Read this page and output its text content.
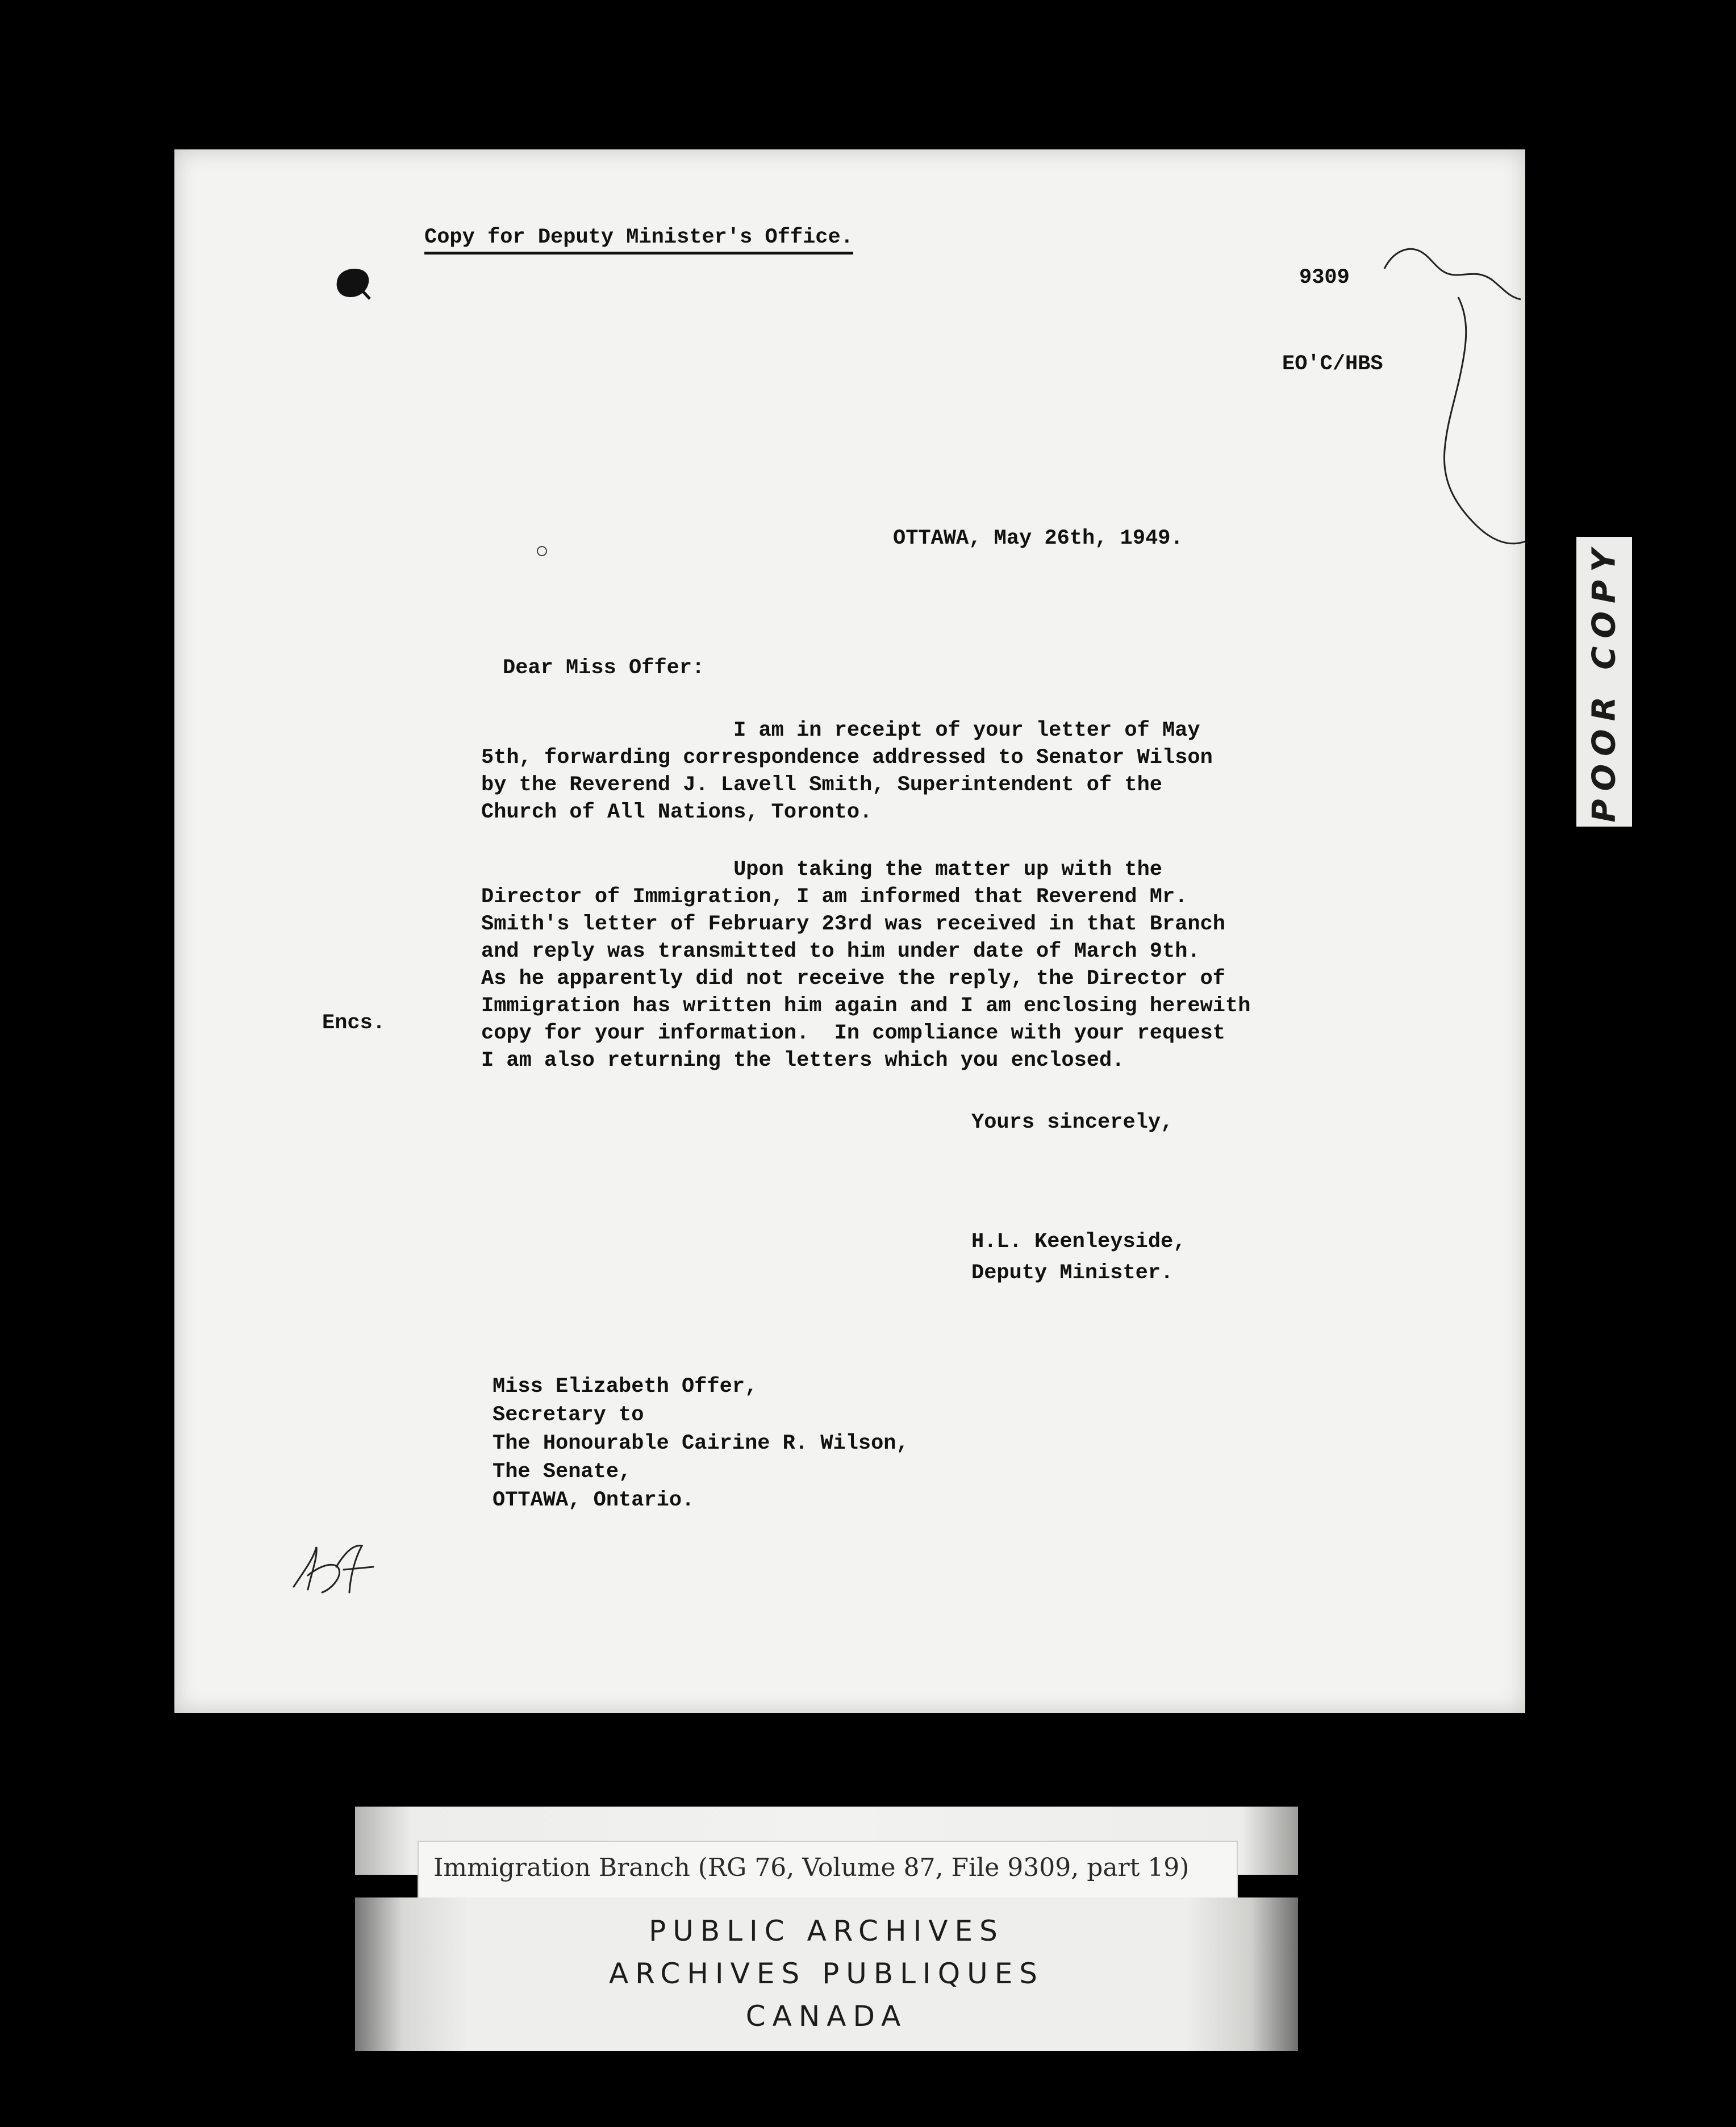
Copy for Deputy Minister's Office.
9309
EO'C/HBS
OTTAWA, May 26th, 1949.
Dear Miss Offer:
I am in receipt of your letter of May
5th, forwarding correspondence addressed to Senator Wilson
by the Reverend J. Lavell Smith, Superintendent of the
Church of All Nations, Toronto.
Upon taking the matter up with the
Director of Immigration, I am informed that Reverend Mr.
Smith's letter of February 23rd was received in that Branch
and reply was transmitted to him under date of March 9th.
As he apparently did not receive the reply, the Director of
Immigration has written him again and I am enclosing herewith
copy for your information.  In compliance with your request
I am also returning the letters which you enclosed.
Encs.
Yours sincerely,
H.L. Keenleyside,
Deputy Minister.
Miss Elizabeth Offer,
Secretary to
The Honourable Cairine R. Wilson,
The Senate,
OTTAWA, Ontario.
POOR COPY
Immigration Branch (RG 76, Volume 87, File 9309, part 19)
PUBLIC ARCHIVES
ARCHIVES PUBLIQUES
CANADA
